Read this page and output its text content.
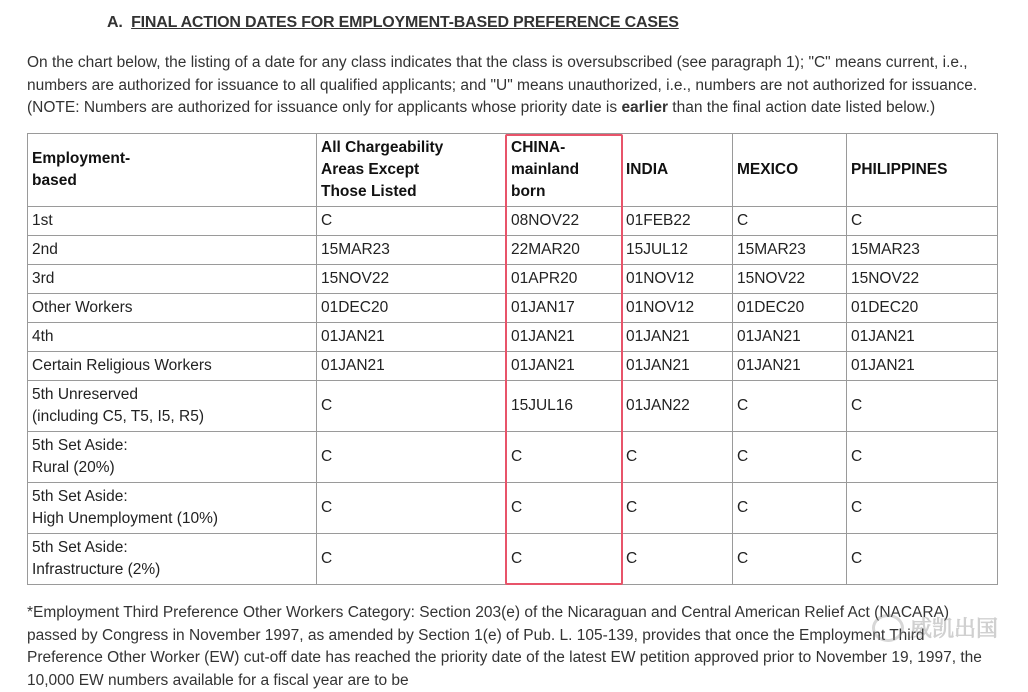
A. FINAL ACTION DATES FOR EMPLOYMENT-BASED PREFERENCE CASES
On the chart below, the listing of a date for any class indicates that the class is oversubscribed (see paragraph 1); "C" means current, i.e., numbers are authorized for issuance to all qualified applicants; and "U" means unauthorized, i.e., numbers are not authorized for issuance. (NOTE: Numbers are authorized for issuance only for applicants whose priority date is earlier than the final action date listed below.)
Employment-
based	All Chargeability
Areas Except
Those Listed	CHINA-
mainland
born	INDIA	MEXICO	PHILIPPINES
1st	C	08NOV22	01FEB22	C	C
2nd	15MAR23	22MAR20	15JUL12	15MAR23	15MAR23
3rd	15NOV22	01APR20	01NOV12	15NOV22	15NOV22
Other Workers	01DEC20	01JAN17	01NOV12	01DEC20	01DEC20
4th	01JAN21	01JAN21	01JAN21	01JAN21	01JAN21
Certain Religious Workers	01JAN21	01JAN21	01JAN21	01JAN21	01JAN21
5th Unreserved
(including C5, T5, I5, R5)	C	15JUL16	01JAN22	C	C
5th Set Aside:
Rural (20%)	C	C	C	C	C
5th Set Aside:
High Unemployment (10%)	C	C	C	C	C
5th Set Aside:
Infrastructure (2%)	C	C	C	C	C
*Employment Third Preference Other Workers Category: Section 203(e) of the Nicaraguan and Central American Relief Act (NACARA) passed by Congress in November 1997, as amended by Section 1(e) of Pub. L. 105-139, provides that once the Employment Third Preference Other Worker (EW) cut-off date has reached the priority date of the latest EW petition approved prior to November 19, 1997, the 10,000 EW numbers available for a fiscal year are to be
威凯出国
